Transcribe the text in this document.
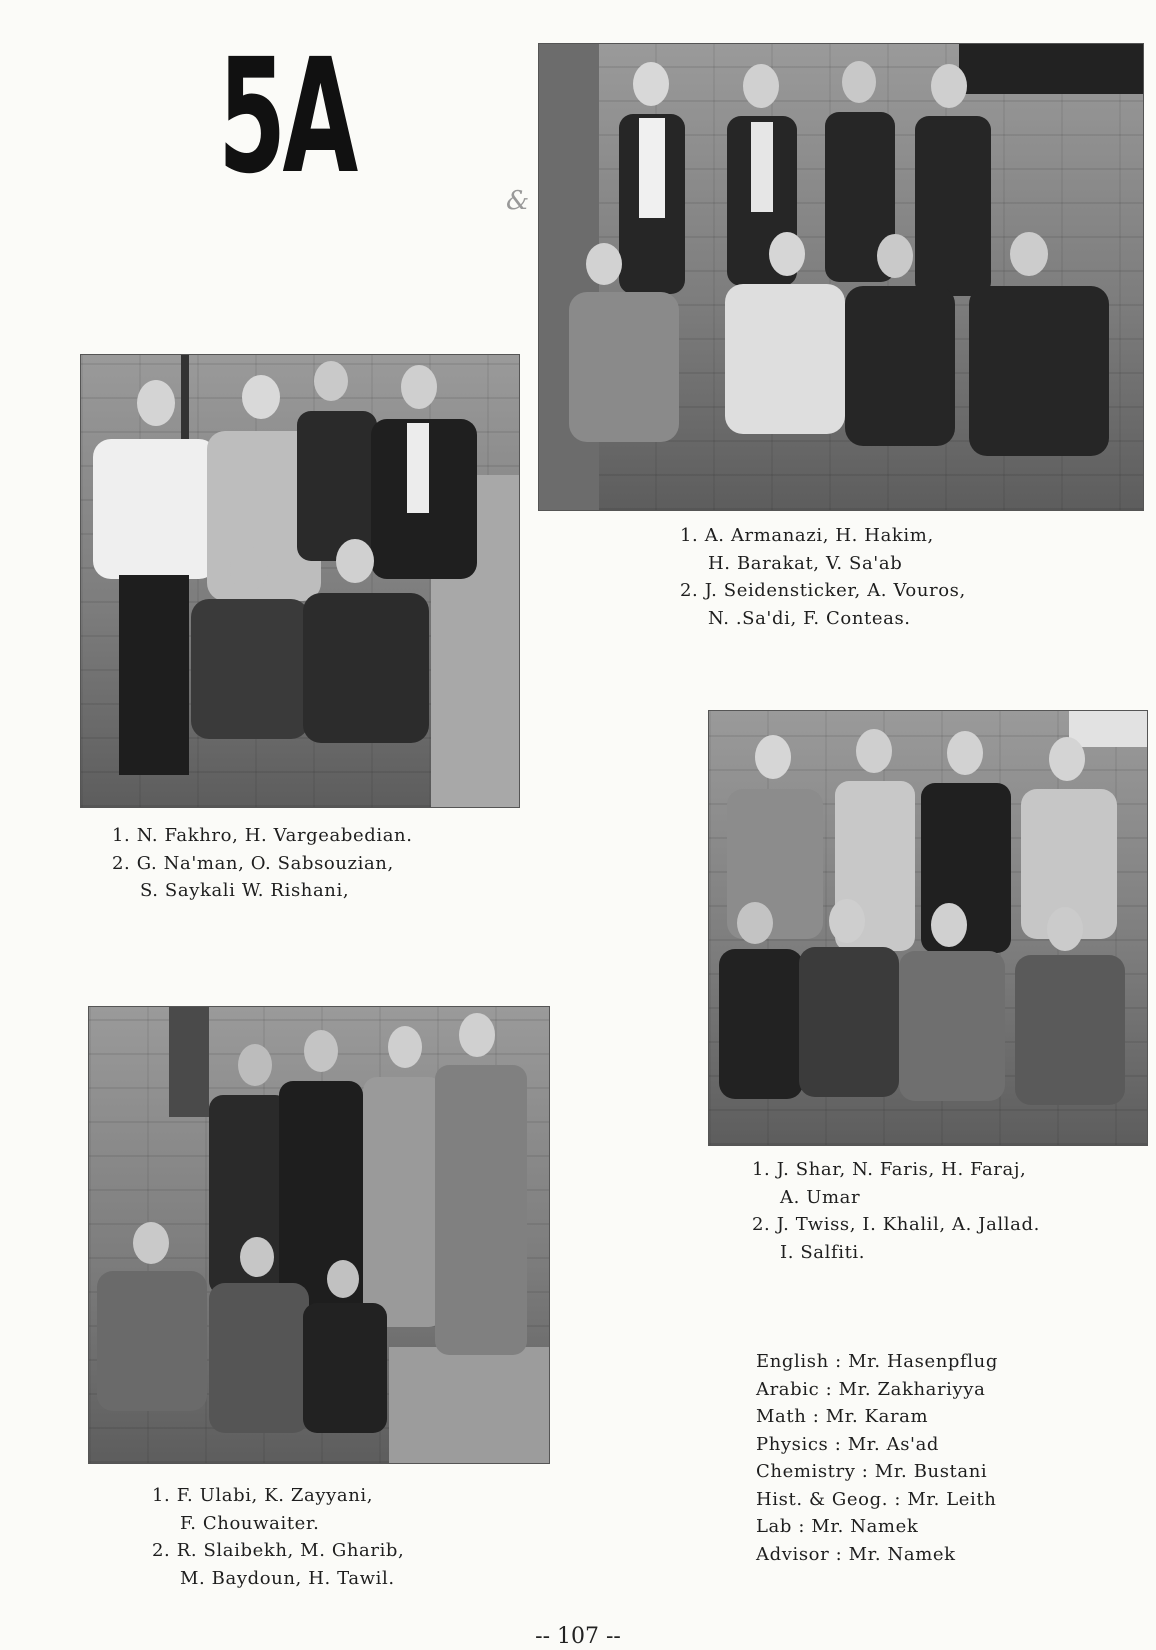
5A	&
1. A. Armanazi, H. Hakim,
H. Barakat, V. Sa'ab
2. J. Seidensticker, A. Vouros,
N. .Sa'di, F. Conteas.
1. N. Fakhro, H. Vargeabedian.
2. G. Na'man, O. Sabsouzian,
S. Saykali W. Rishani,
1. J. Shar, N. Faris, H. Faraj,
A. Umar
2. J. Twiss, I. Khalil, A. Jallad.
I. Salfiti.
1. F. Ulabi, K. Zayyani,
F. Chouwaiter.
2. R. Slaibekh, M. Gharib,
M. Baydoun, H. Tawil.
English : Mr. Hasenpflug
Arabic : Mr. Zakhariyya
Math : Mr. Karam
Physics : Mr. As'ad
Chemistry : Mr. Bustani
Hist. & Geog. : Mr. Leith
Lab : Mr. Namek
Advisor : Mr. Namek
-- 107 --
